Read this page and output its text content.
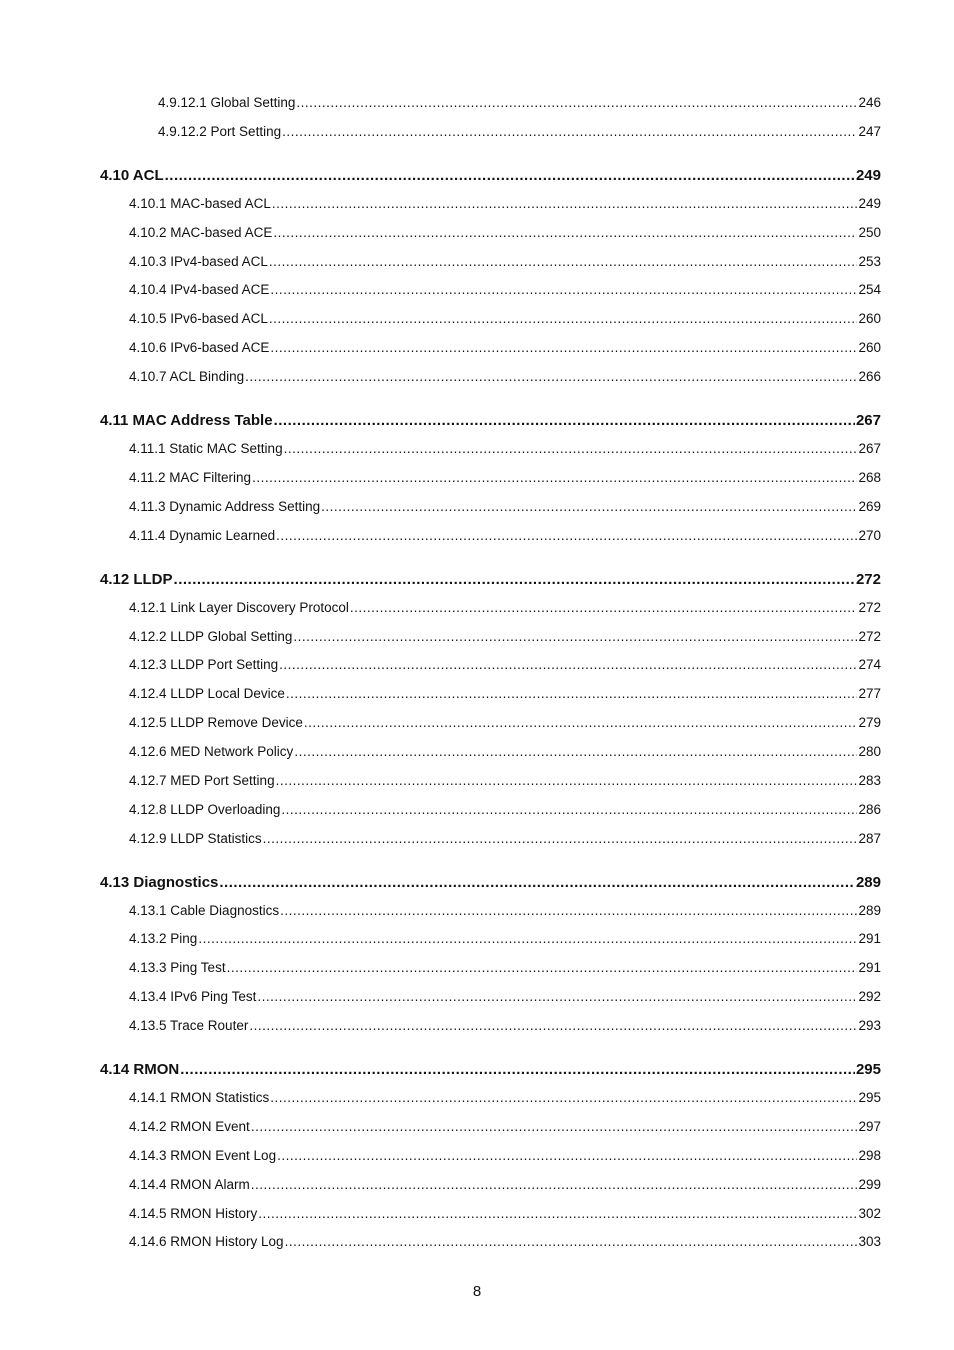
4.9.12.1 Global Setting .....	246
4.9.12.2 Port Setting .....	247
4.10 ACL .....	249
4.10.1 MAC-based ACL .....	249
4.10.2 MAC-based ACE .....	250
4.10.3 IPv4-based ACL .....	253
4.10.4 IPv4-based ACE .....	254
4.10.5 IPv6-based ACL .....	260
4.10.6 IPv6-based ACE .....	260
4.10.7 ACL Binding .....	266
4.11 MAC Address Table .....	267
4.11.1 Static MAC Setting .....	267
4.11.2 MAC Filtering .....	268
4.11.3 Dynamic Address Setting .....	269
4.11.4 Dynamic Learned .....	270
4.12 LLDP .....	272
4.12.1 Link Layer Discovery Protocol .....	272
4.12.2 LLDP Global Setting .....	272
4.12.3 LLDP Port Setting .....	274
4.12.4 LLDP Local Device .....	277
4.12.5 LLDP Remove Device .....	279
4.12.6 MED Network Policy .....	280
4.12.7 MED Port Setting .....	283
4.12.8 LLDP Overloading .....	286
4.12.9 LLDP Statistics .....	287
4.13 Diagnostics .....	289
4.13.1 Cable Diagnostics .....	289
4.13.2 Ping .....	291
4.13.3 Ping Test .....	291
4.13.4 IPv6 Ping Test .....	292
4.13.5 Trace Router .....	293
4.14 RMON .....	295
4.14.1 RMON Statistics .....	295
4.14.2 RMON Event .....	297
4.14.3 RMON Event Log .....	298
4.14.4 RMON Alarm .....	299
4.14.5 RMON History .....	302
4.14.6 RMON History Log .....	303
8
